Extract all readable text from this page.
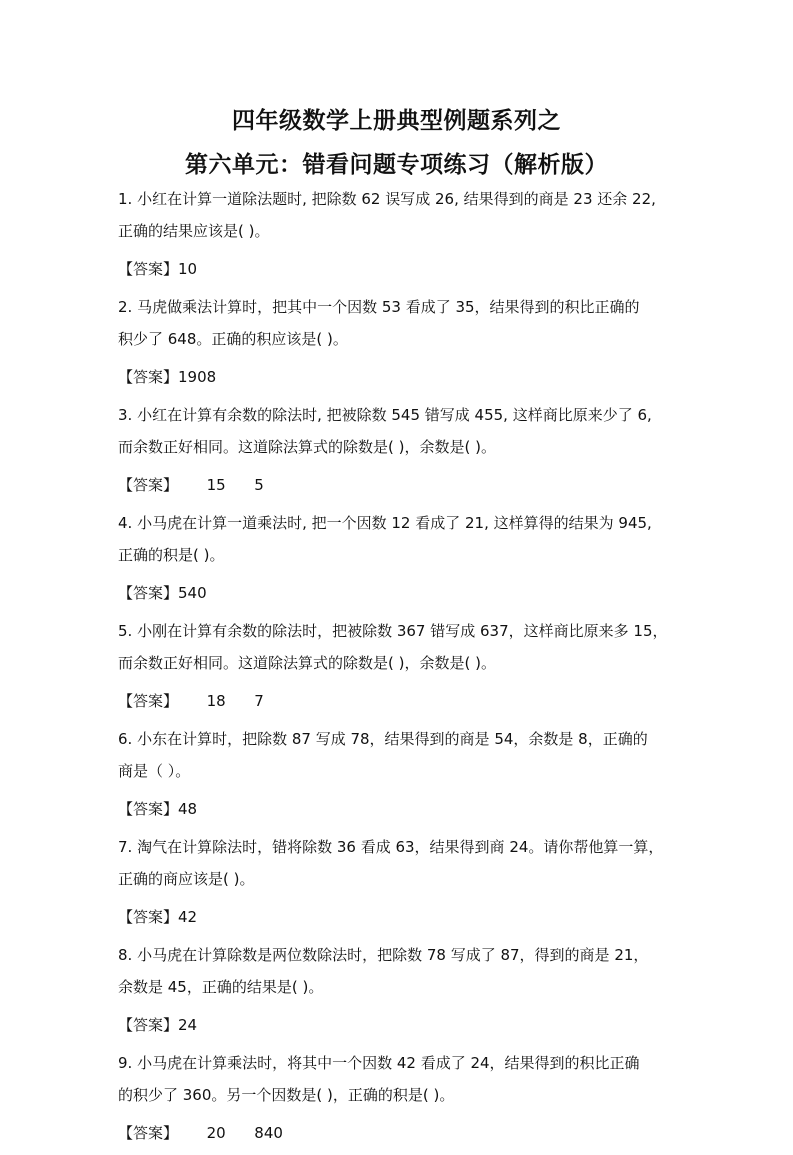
四年级数学上册典型例题系列之
第六单元：错看问题专项练习（解析版）
1. 小红在计算一道除法题时, 把除数 62 误写成 26, 结果得到的商是 23 还余 22,
正确的结果应该是( )。
【答案】10
2. 马虎做乘法计算时，把其中一个因数 53 看成了 35，结果得到的积比正确的
积少了 648。正确的积应该是( )。
【答案】1908
3. 小红在计算有余数的除法时, 把被除数 545 错写成 455, 这样商比原来少了 6,
而余数正好相同。这道除法算式的除数是( )，余数是( )。
【答案】      15      5
4. 小马虎在计算一道乘法时, 把一个因数 12 看成了 21, 这样算得的结果为 945,
正确的积是( )。
【答案】540
5. 小刚在计算有余数的除法时，把被除数 367 错写成 637，这样商比原来多 15，
而余数正好相同。这道除法算式的除数是( )，余数是( )。
【答案】      18      7
6. 小东在计算时，把除数 87 写成 78，结果得到的商是 54，余数是 8，正确的
商是（ ）。
【答案】48
7. 淘气在计算除法时，错将除数 36 看成 63，结果得到商 24。请你帮他算一算，
正确的商应该是( )。
【答案】42
8. 小马虎在计算除数是两位数除法时，把除数 78 写成了 87，得到的商是 21，
余数是 45，正确的结果是( )。
【答案】24
9. 小马虎在计算乘法时，将其中一个因数 42 看成了 24，结果得到的积比正确
的积少了 360。另一个因数是( )，正确的积是( )。
【答案】      20      840
